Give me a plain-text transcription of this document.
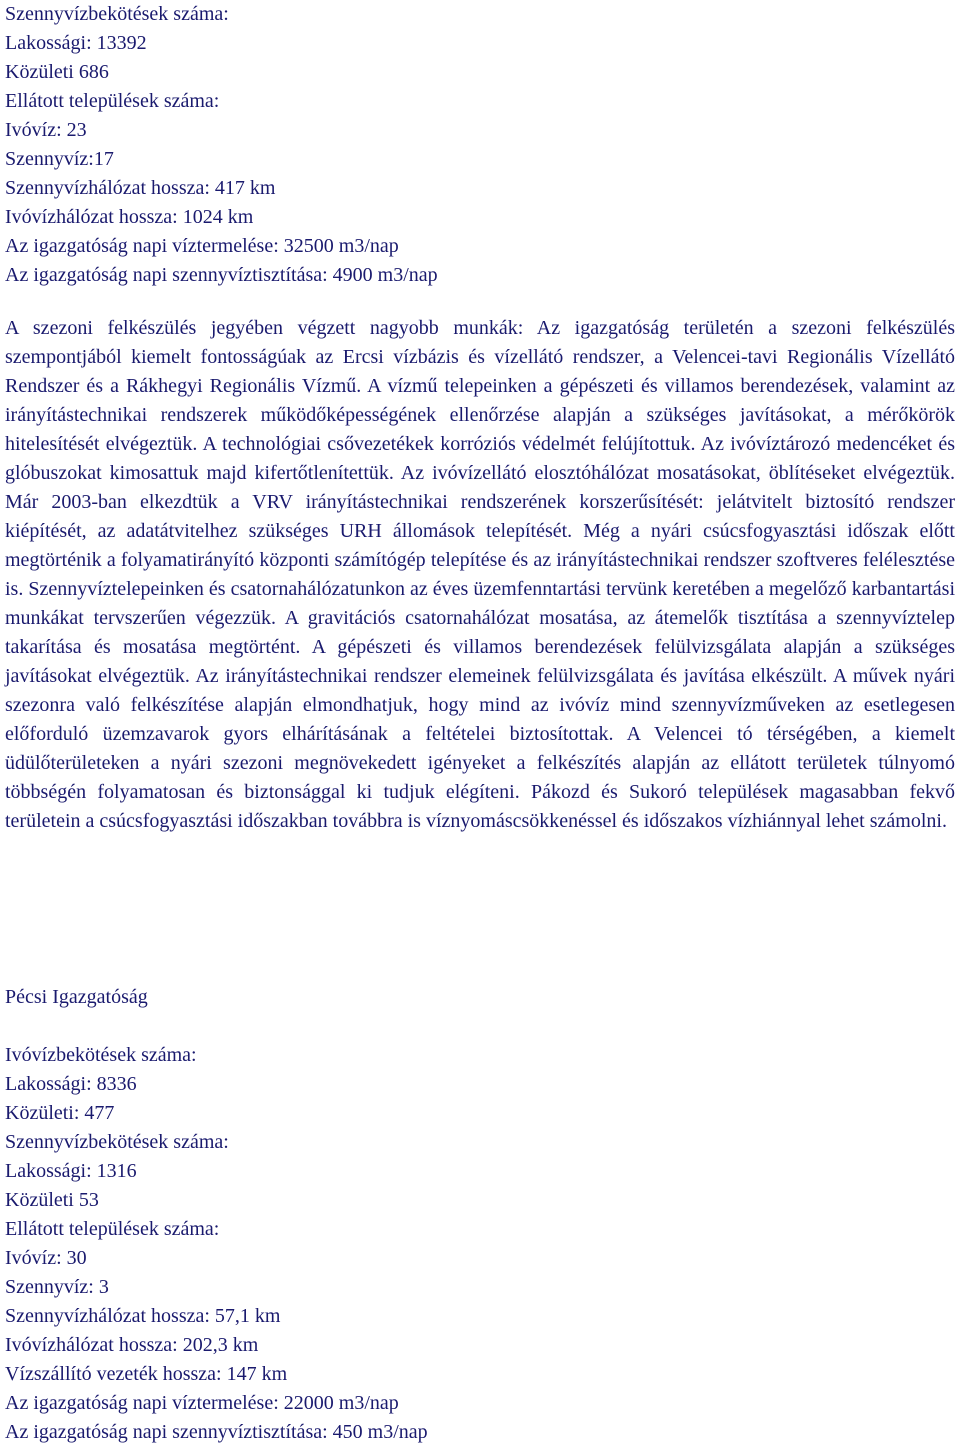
Szennyvízbekötések száma:
Lakossági: 13392
Közületi 686
Ellátott települések száma:
Ivóvíz: 23
Szennyvíz:17
Szennyvízhálózat hossza: 417 km
Ivóvízhálózat hossza: 1024 km
Az igazgatóság napi víztermelése: 32500 m3/nap
Az igazgatóság napi szennyvíztisztítása: 4900 m3/nap

A szezoni felkészülés jegyében végzett nagyobb munkák: Az igazgatóság területén a szezoni felkészülés szempontjából kiemelt fontosságúak az Ercsi vízbázis és vízellátó rendszer, a Velencei-tavi Regionális Vízellátó Rendszer és a Rákhegyi Regionális Vízmű. A vízmű telepeinken a gépészeti és villamos berendezések, valamint az irányítástechnikai rendszerek működőképességének ellenőrzése alapján a szükséges javításokat, a mérőkörök hitelesítését elvégeztük. A technológiai csővezetékek korróziós védelmét felújítottuk. Az ivóvíztározó medencéket és glóbuszokat kimosattuk majd kifertőtlenítettük. Az ivóvízellátó elosztóhálózat mosatásokat, öblítéseket elvégeztük. Már 2003-ban elkezdtük a VRV irányítástechnikai rendszerének korszerűsítését: jelátvitelt biztosító rendszer kiépítését, az adatátvitelhez szükséges URH állomások telepítését. Még a nyári csúcsfogyasztási időszak előtt megtörténik a folyamatirányító központi számítógép telepítése és az irányítástechnikai rendszer szoftveres felélesztése is. Szennyvíztelepeinken és csatornahálózatunkon az éves üzemfenntartási tervünk keretében a megelőző karbantartási munkákat tervszerűen végezzük. A gravitációs csatornahálózat mosatása, az átemelők tisztítása a szennyvíztelep takarítása és mosatása megtörtént. A gépészeti és villamos berendezések felülvizsgálata alapján a szükséges javításokat elvégeztük. Az irányítástechnikai rendszer elemeinek felülvizsgálata és javítása elkészült. A művek nyári szezonra való felkészítése alapján elmondhatjuk, hogy mind az ivóvíz mind szennyvízműveken az esetlegesen előforduló üzemzavarok gyors elhárításának a feltételei biztosítottak. A Velencei tó térségében, a kiemelt üdülőterületeken a nyári szezoni megnövekedett igényeket a felkészítés alapján az ellátott területek túlnyomó többségén folyamatosan és biztonsággal ki tudjuk elégíteni. Pákozd és Sukoró települések magasabban fekvő területein a csúcsfogyasztási időszakban továbbra is víznyomáscsökkenéssel és időszakos vízhiánnyal lehet számolni.

Pécsi Igazgatóság
Ivóvízbekötések száma:
Lakossági: 8336
Közületi: 477
Szennyvízbekötések száma:
Lakossági: 1316
Közületi 53
Ellátott települések száma:
Ivóvíz: 30
Szennyvíz: 3
Szennyvízhálózat hossza: 57,1 km
Ivóvízhálózat hossza: 202,3 km
Vízszállító vezeték hossza: 147 km
Az igazgatóság napi víztermelése: 22000 m3/nap
Az igazgatóság napi szennyvíztisztítása: 450 m3/nap
